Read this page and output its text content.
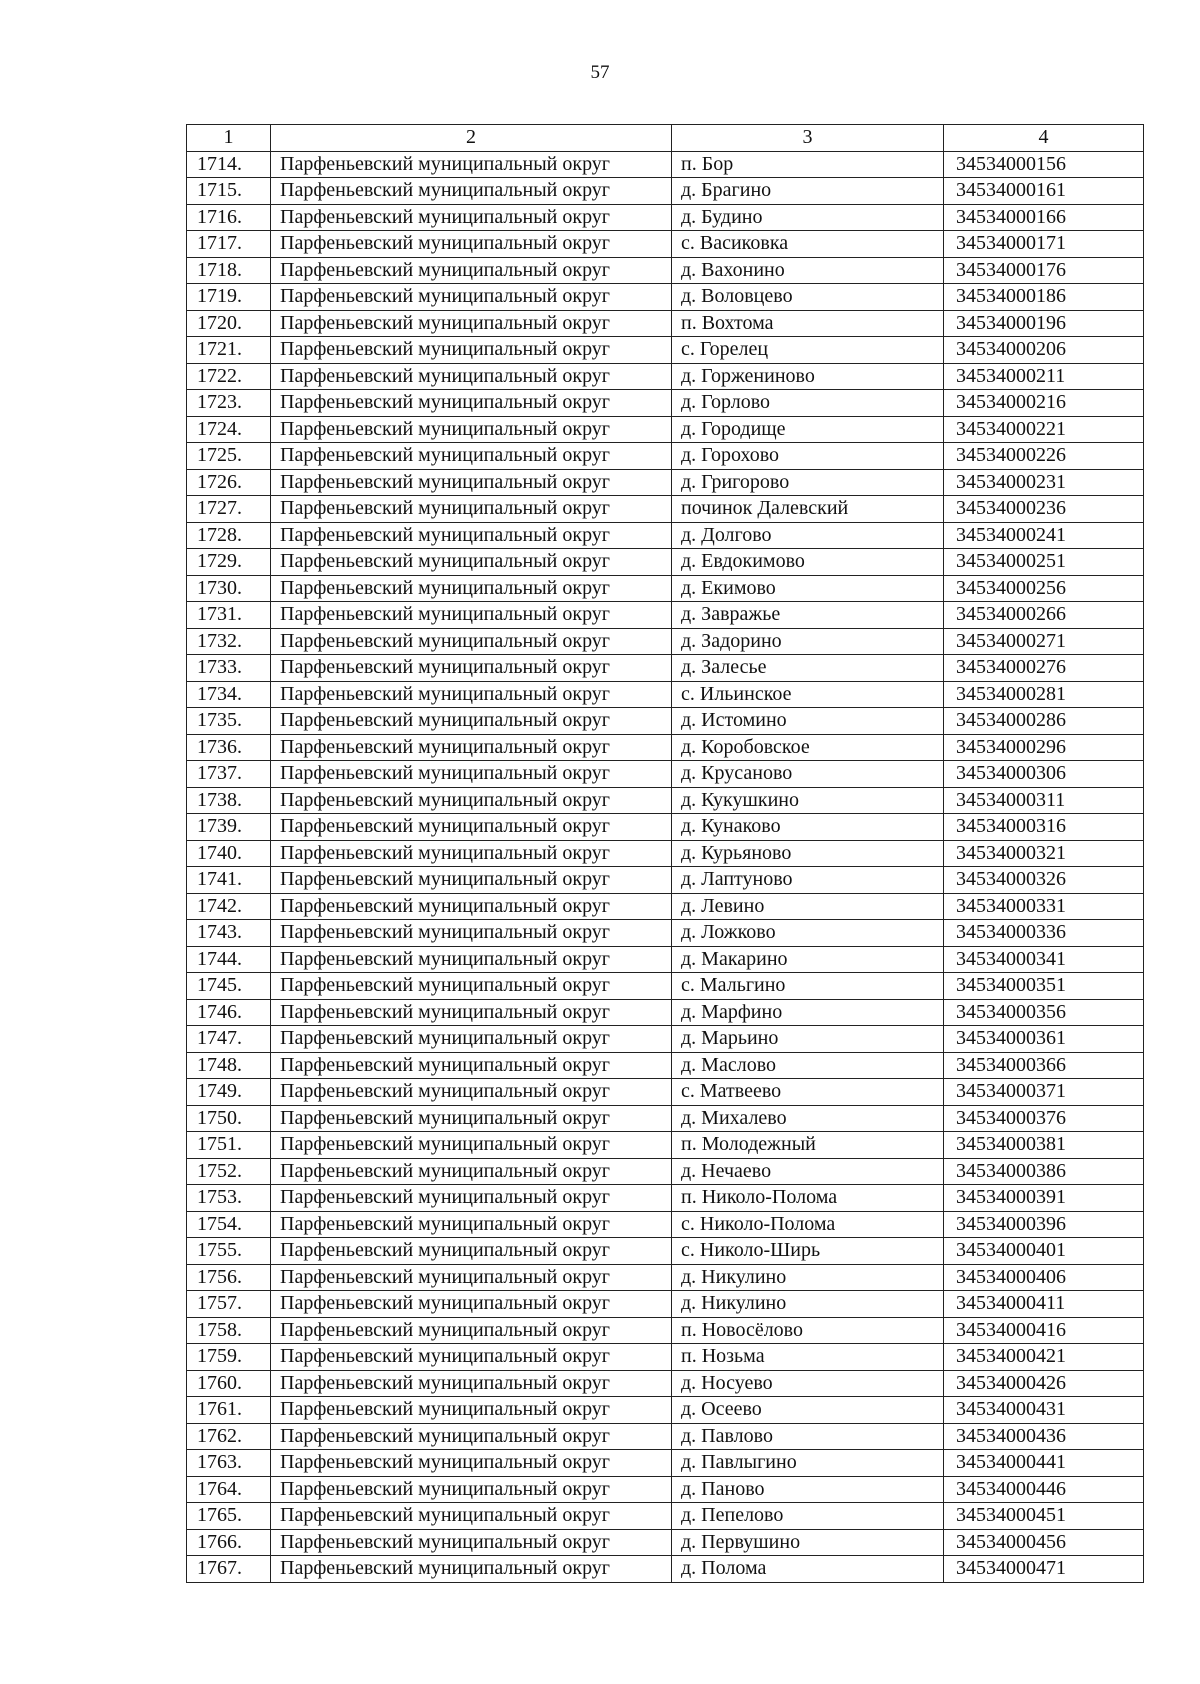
57
1	2	3	4
1714.	Парфеньевский муниципальный округ	п. Бор	34534000156
1715.	Парфеньевский муниципальный округ	д. Брагино	34534000161
1716.	Парфеньевский муниципальный округ	д. Будино	34534000166
1717.	Парфеньевский муниципальный округ	с. Васиковка	34534000171
1718.	Парфеньевский муниципальный округ	д. Вахонино	34534000176
1719.	Парфеньевский муниципальный округ	д. Воловцево	34534000186
1720.	Парфеньевский муниципальный округ	п. Вохтома	34534000196
1721.	Парфеньевский муниципальный округ	с. Горелец	34534000206
1722.	Парфеньевский муниципальный округ	д. Горжениново	34534000211
1723.	Парфеньевский муниципальный округ	д. Горлово	34534000216
1724.	Парфеньевский муниципальный округ	д. Городище	34534000221
1725.	Парфеньевский муниципальный округ	д. Горохово	34534000226
1726.	Парфеньевский муниципальный округ	д. Григорово	34534000231
1727.	Парфеньевский муниципальный округ	починок Далевский	34534000236
1728.	Парфеньевский муниципальный округ	д. Долгово	34534000241
1729.	Парфеньевский муниципальный округ	д. Евдокимово	34534000251
1730.	Парфеньевский муниципальный округ	д. Екимово	34534000256
1731.	Парфеньевский муниципальный округ	д. Завражье	34534000266
1732.	Парфеньевский муниципальный округ	д. Задорино	34534000271
1733.	Парфеньевский муниципальный округ	д. Залесье	34534000276
1734.	Парфеньевский муниципальный округ	с. Ильинское	34534000281
1735.	Парфеньевский муниципальный округ	д. Истомино	34534000286
1736.	Парфеньевский муниципальный округ	д. Коробовское	34534000296
1737.	Парфеньевский муниципальный округ	д. Крусаново	34534000306
1738.	Парфеньевский муниципальный округ	д. Кукушкино	34534000311
1739.	Парфеньевский муниципальный округ	д. Кунаково	34534000316
1740.	Парфеньевский муниципальный округ	д. Курьяново	34534000321
1741.	Парфеньевский муниципальный округ	д. Лаптуново	34534000326
1742.	Парфеньевский муниципальный округ	д. Левино	34534000331
1743.	Парфеньевский муниципальный округ	д. Ложково	34534000336
1744.	Парфеньевский муниципальный округ	д. Макарино	34534000341
1745.	Парфеньевский муниципальный округ	с. Мальгино	34534000351
1746.	Парфеньевский муниципальный округ	д. Марфино	34534000356
1747.	Парфеньевский муниципальный округ	д. Марьино	34534000361
1748.	Парфеньевский муниципальный округ	д. Маслово	34534000366
1749.	Парфеньевский муниципальный округ	с. Матвеево	34534000371
1750.	Парфеньевский муниципальный округ	д. Михалево	34534000376
1751.	Парфеньевский муниципальный округ	п. Молодежный	34534000381
1752.	Парфеньевский муниципальный округ	д. Нечаево	34534000386
1753.	Парфеньевский муниципальный округ	п. Николо-Полома	34534000391
1754.	Парфеньевский муниципальный округ	с. Николо-Полома	34534000396
1755.	Парфеньевский муниципальный округ	с. Николо-Ширь	34534000401
1756.	Парфеньевский муниципальный округ	д. Никулино	34534000406
1757.	Парфеньевский муниципальный округ	д. Никулино	34534000411
1758.	Парфеньевский муниципальный округ	п. Новосёлово	34534000416
1759.	Парфеньевский муниципальный округ	п. Нозьма	34534000421
1760.	Парфеньевский муниципальный округ	д. Носуево	34534000426
1761.	Парфеньевский муниципальный округ	д. Осеево	34534000431
1762.	Парфеньевский муниципальный округ	д. Павлово	34534000436
1763.	Парфеньевский муниципальный округ	д. Павлыгино	34534000441
1764.	Парфеньевский муниципальный округ	д. Паново	34534000446
1765.	Парфеньевский муниципальный округ	д. Пепелово	34534000451
1766.	Парфеньевский муниципальный округ	д. Первушино	34534000456
1767.	Парфеньевский муниципальный округ	д. Полома	34534000471
